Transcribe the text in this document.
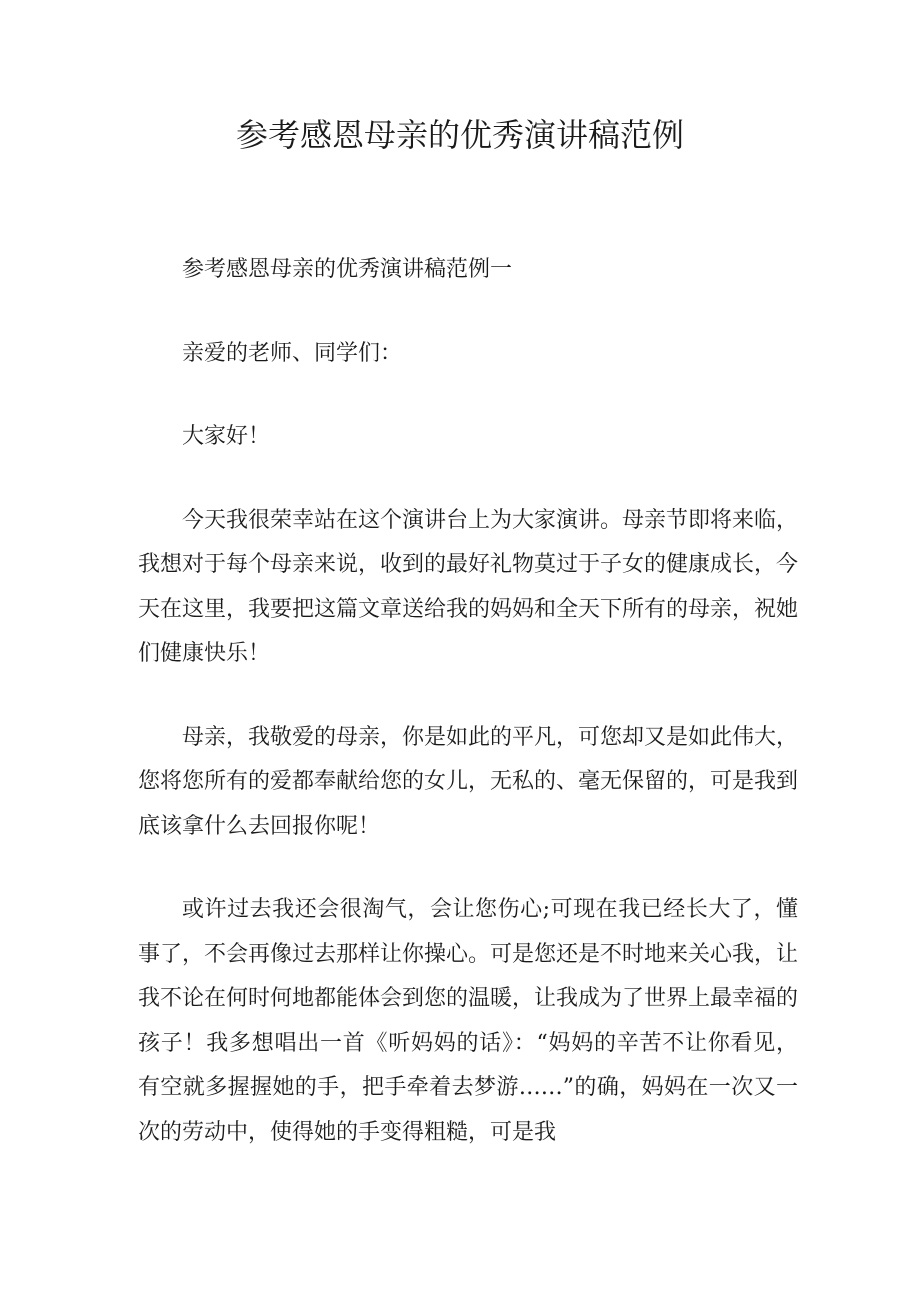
参考感恩母亲的优秀演讲稿范例

参考感恩母亲的优秀演讲稿范例一

亲爱的老师、同学们：

大家好！

今天我很荣幸站在这个演讲台上为大家演讲。母亲节即将来临，我想对于每个母亲来说，收到的最好礼物莫过于子女的健康成长，今天在这里，我要把这篇文章送给我的妈妈和全天下所有的母亲，祝她们健康快乐！

母亲，我敬爱的母亲，你是如此的平凡，可您却又是如此伟大，您将您所有的爱都奉献给您的女儿，无私的、毫无保留的，可是我到底该拿什么去回报你呢！

或许过去我还会很淘气，会让您伤心;可现在我已经长大了，懂事了，不会再像过去那样让你操心。可是您还是不时地来关心我，让我不论在何时何地都能体会到您的温暖，让我成为了世界上最幸福的孩子！我多想唱出一首《听妈妈的话》：“妈妈的辛苦不让你看见，有空就多握握她的手，把手牵着去梦游……”的确，妈妈在一次又一次的劳动中，使得她的手变得粗糙，可是我
